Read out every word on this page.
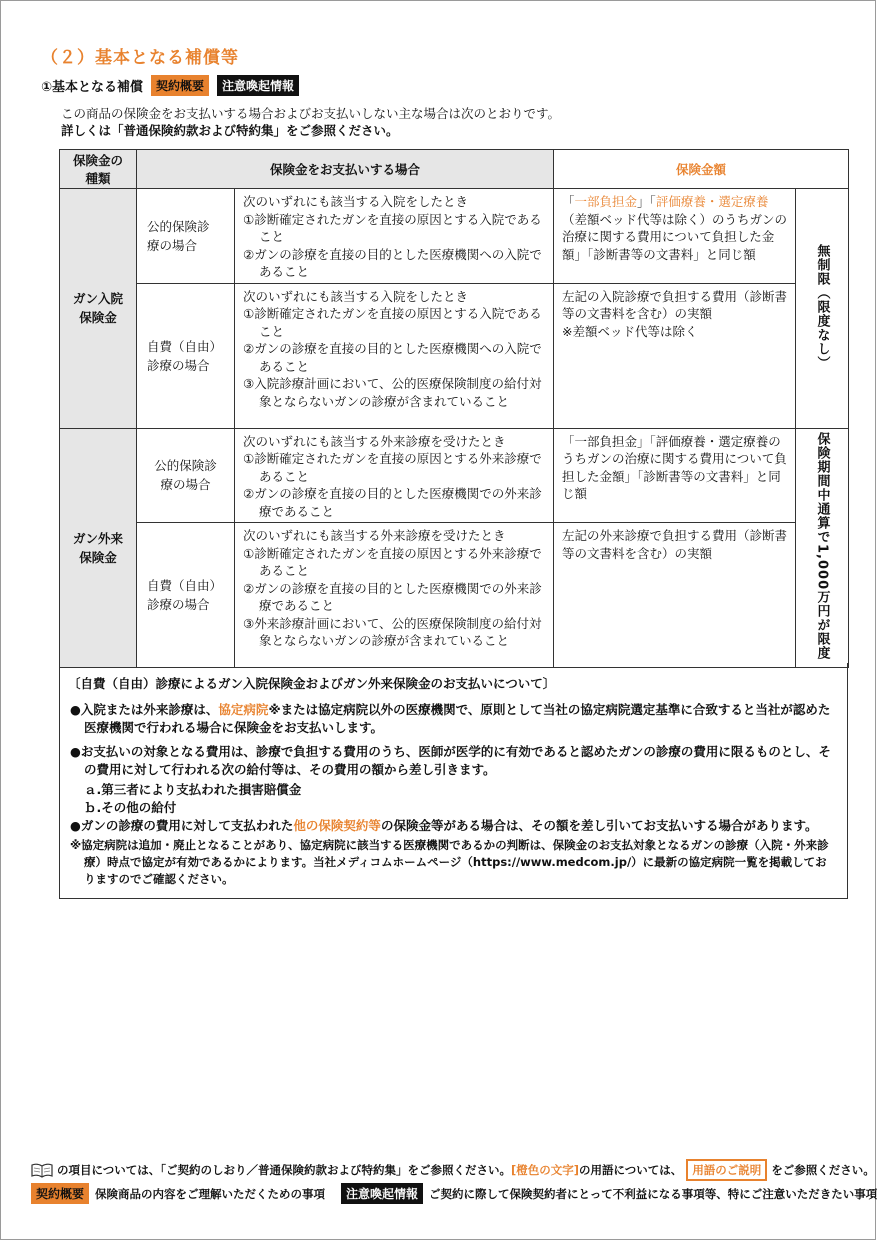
（２）基本となる補償等
①基本となる補償	契約概要	注意喚起情報
この商品の保険金をお支払いする場合およびお支払いしない主な場合は次のとおりです。
詳しくは「普通保険約款および特約集」をご参照ください。
保険金の種類	保険金をお支払いする場合		保険金額	

ガン入院保険金	公的保険診療の場合	次のいずれにも該当する入院をしたとき
①診断確定されたガンを直接の原因とする入院であること
②ガンの診療を直接の目的とした医療機関への入院であること	「一部負担金」「評価療養・選定療養（差額ベッド代等は除く）のうちガンの治療に関する費用について負担した金額」「診断書等の文書料」と同じ額	無制限（限度なし）

	自費（自由）診療の場合	次のいずれにも該当する入院をしたとき
①診断確定されたガンを直接の原因とする入院であること
②ガンの診療を直接の目的とした医療機関への入院であること
③入院診療計画において、公的医療保険制度の給付対象とならないガンの診療が含まれていること	左記の入院診療で負担する費用（診断書等の文書料を含む）の実額
※差額ベッド代等は除く	

ガン外来保険金	公的保険診療の場合	次のいずれにも該当する外来診療を受けたとき
①診断確定されたガンを直接の原因とする外来診療であること
②ガンの診療を直接の目的とした医療機関での外来診療であること	「一部負担金」「評価療養・選定療養のうちガンの治療に関する費用について負担した金額」「診断書等の文書料」と同じ額	保険期間中通算で1,000万円が限度

	自費（自由）診療の場合	次のいずれにも該当する外来診療を受けたとき
①診断確定されたガンを直接の原因とする外来診療であること
②ガンの診療を直接の目的とした医療機関での外来診療であること
③外来診療計画において、公的医療保険制度の給付対象とならないガンの診療が含まれていること	左記の外来診療で負担する費用（診断書等の文書料を含む）の実額	
〔自費（自由）診療によるガン入院保険金およびガン外来保険金のお支払いについて〕
●入院または外来診療は、協定病院※または協定病院以外の医療機関で、原則として当社の協定病院選定基準に合致すると当社が認めた医療機関で行われる場合に保険金をお支払いします。
●お支払いの対象となる費用は、診療で負担する費用のうち、医師が医学的に有効であると認めたガンの診療の費用に限るものとし、その費用に対して行われる次の給付等は、その費用の額から差し引きます。
ａ.第三者により支払われた損害賠償金
ｂ.その他の給付
●ガンの診療の費用に対して支払われた他の保険契約等の保険金等がある場合は、その額を差し引いてお支払いする場合があります。
※協定病院は追加・廃止となることがあり、協定病院に該当する医療機関であるかの判断は、保険金のお支払対象となるガンの診療（入院・外来診療）時点で協定が有効であるかによります。当社メディコムホームページ（https://www.medcom.jp/）に最新の協定病院一覧を掲載しておりますのでご確認ください。
の項目については、「ご契約のしおり／普通保険約款および特約集」をご参照ください。 [橙色の文字] の用語については、 用語のご説明 をご参照ください。
契約概要 保険商品の内容をご理解いただくための事項	注意喚起情報 ご契約に際して保険契約者にとって不利益になる事項等、特にご注意いただきたい事項
